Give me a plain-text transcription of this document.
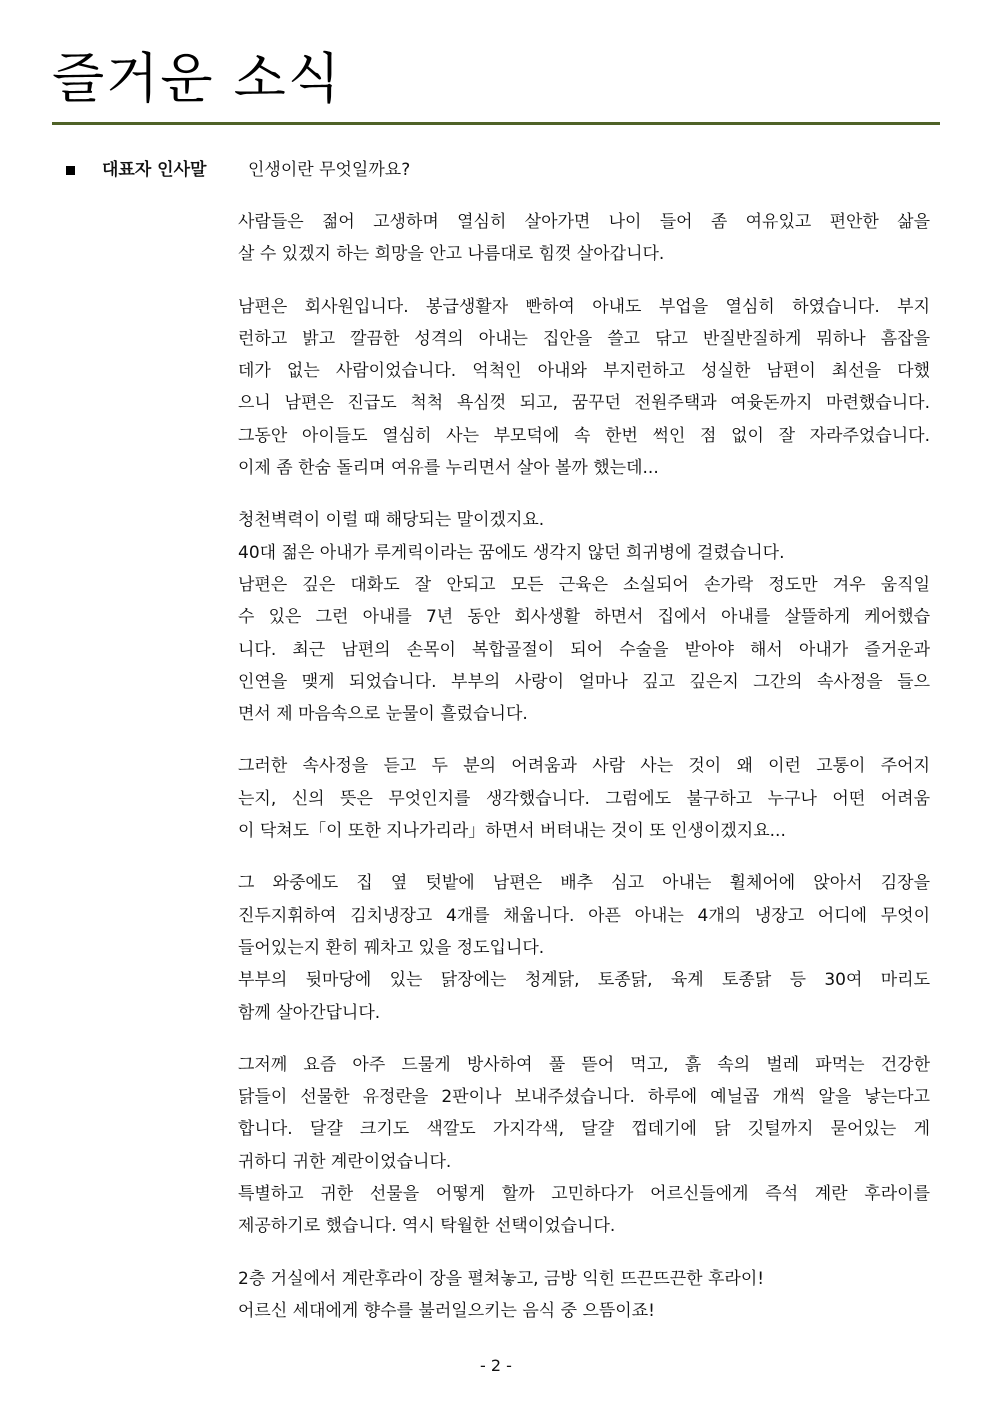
즐거운 소식
대표자 인사말 인생이란 무엇일까요?
사람들은 젊어 고생하며 열심히 살아가면 나이 들어 좀 여유있고 편안한 삶을
살 수 있겠지 하는 희망을 안고 나름대로 힘껏 살아갑니다.
남편은 회사원입니다. 봉급생활자 빤하여 아내도 부업을 열심히 하였습니다. 부지
런하고 밝고 깔끔한 성격의 아내는 집안을 쓸고 닦고 반질반질하게 뭐하나 흠잡을
데가 없는 사람이었습니다. 억척인 아내와 부지런하고 성실한 남편이 최선을 다했
으니 남편은 진급도 척척 욕심껏 되고, 꿈꾸던 전원주택과 여윳돈까지 마련했습니다.
그동안 아이들도 열심히 사는 부모덕에 속 한번 썩인 점 없이 잘 자라주었습니다.
이제 좀 한숨 돌리며 여유를 누리면서 살아 볼까 했는데...
청천벽력이 이럴 때 해당되는 말이겠지요.
40대 젊은 아내가 루게릭이라는 꿈에도 생각지 않던 희귀병에 걸렸습니다.
남편은 깊은 대화도 잘 안되고 모든 근육은 소실되어 손가락 정도만 겨우 움직일
수 있은 그런 아내를 7년 동안 회사생활 하면서 집에서 아내를 살뜰하게 케어했습
니다. 최근 남편의 손목이 복합골절이 되어 수술을 받아야 해서 아내가 즐거운과
인연을 맺게 되었습니다. 부부의 사랑이 얼마나 깊고 깊은지 그간의 속사정을 들으
면서 제 마음속으로 눈물이 흘렀습니다.
그러한 속사정을 듣고 두 분의 어려움과 사람 사는 것이 왜 이런 고통이 주어지
는지, 신의 뜻은 무엇인지를 생각했습니다. 그럼에도 불구하고 누구나 어떤 어려움
이 닥쳐도「이 또한 지나가리라」하면서 버텨내는 것이 또 인생이겠지요...
그 와중에도 집 옆 텃밭에 남편은 배추 심고 아내는 휠체어에 앉아서 김장을
진두지휘하여 김치냉장고 4개를 채웁니다. 아픈 아내는 4개의 냉장고 어디에 무엇이
들어있는지 환히 꿰차고 있을 정도입니다.
부부의 뒷마당에 있는 닭장에는 청계닭, 토종닭, 육계 토종닭 등 30여 마리도
함께 살아간답니다.
그저께 요즘 아주 드물게 방사하여 풀 뜯어 먹고, 흙 속의 벌레 파먹는 건강한
닭들이 선물한 유정란을 2판이나 보내주셨습니다. 하루에 예닐곱 개씩 알을 낳는다고
합니다. 달걀 크기도 색깔도 가지각색, 달걀 껍데기에 닭 깃털까지 묻어있는 게
귀하디 귀한 계란이었습니다.
특별하고 귀한 선물을 어떻게 할까 고민하다가 어르신들에게 즉석 계란 후라이를
제공하기로 했습니다. 역시 탁월한 선택이었습니다.
2층 거실에서 계란후라이 장을 펼쳐놓고, 금방 익힌 뜨끈뜨끈한 후라이!
어르신 세대에게 향수를 불러일으키는 음식 중 으뜸이죠!
- 2 -
